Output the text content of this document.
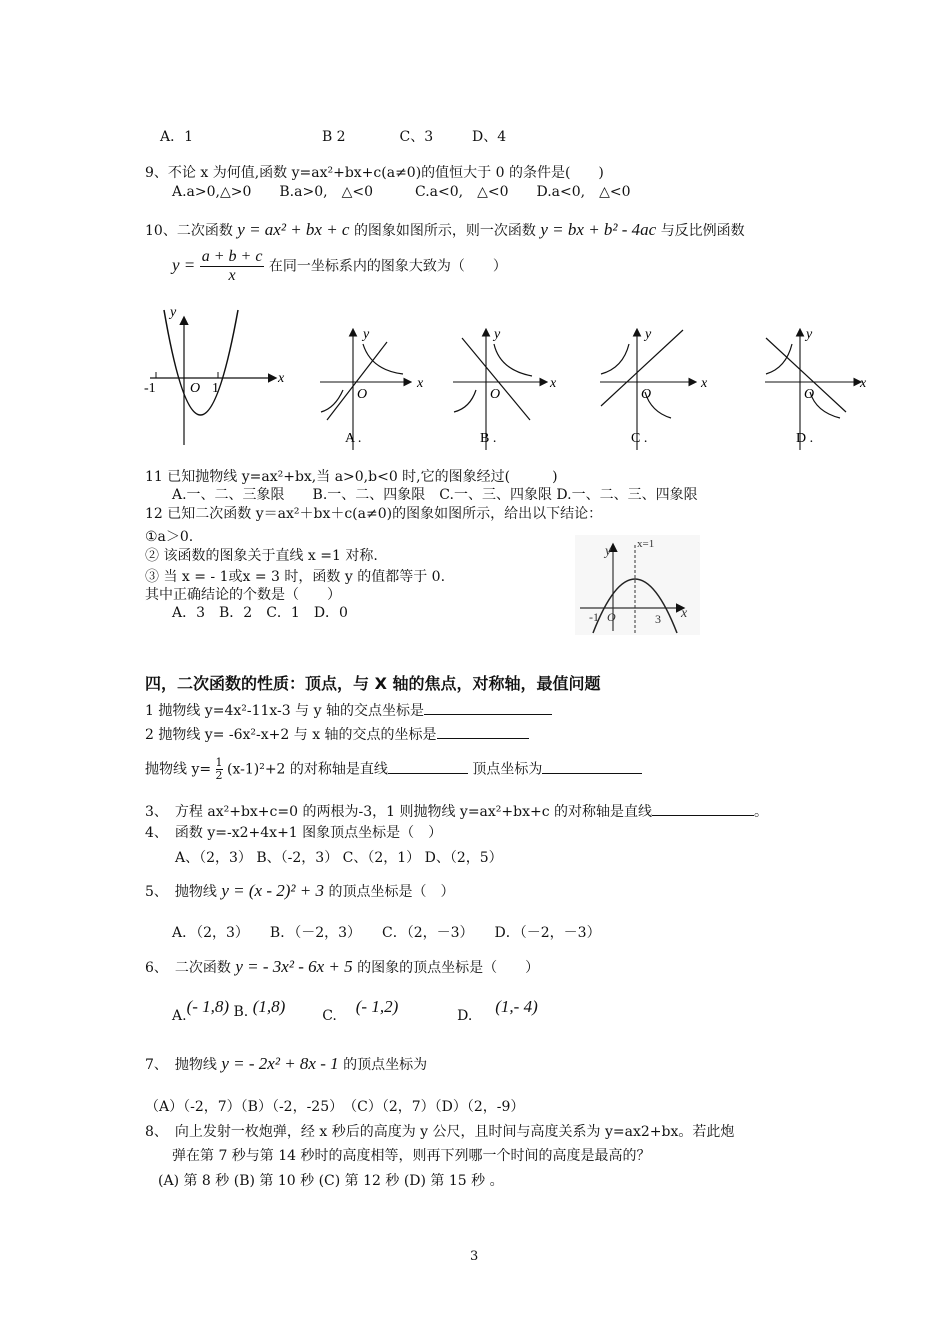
A．1	B 2	C、3	D、4
9、不论 x 为何值,函数 y=ax²+bx+c(a≠0)的值恒大于 0 的条件是(　　)
A.a>0,△>0　　B.a>0,　△<0　　　C.a<0,　△<0　　D.a<0,　△<0
10、二次函数 y = ax² + bx + c 的图象如图所示，则一次函数 y = bx + b² - 4ac 与反比例函数
$y = \frac{a + b + c}{x}$ 在同一坐标系内的图象大致为（　　）
y
x
O
-1	1
y
x
O
A .
y
x
O
B .
y
x
O
C .
y
x
O
D .
11 已知抛物线 y=ax²+bx,当 a>0,b<0 时,它的图象经过(　　　)
A.一、二、三象限　　B.一、二、四象限　C.一、三、四象限 D.一、二、三、四象限
12 已知二次函数 y＝ax²＋bx＋c(a≠0)的图象如图所示，给出以下结论：
①a＞0.
② 该函数的图象关于直线 x =1 对称.
③ 当 x = - 1或x = 3 时，函数 y 的值都等于 0.
其中正确结论的个数是（　　）
A．3　B．2　C．1　D．0
y x=1
-1 O	3 x
四，二次函数的性质：顶点，与 X 轴的焦点，对称轴，最值问题
1 抛物线 y=4x²-11x-3 与 y 轴的交点坐标是
2 抛物线 y= -6x²-x+2 与 x 轴的交点的坐标是
抛物线 $y= \frac{1}{2} (x-1)^2+2$ 的对称轴是直线	顶点坐标为
3、　方程 ax²+bx+c=0 的两根为-3，1 则抛物线 y=ax²+bx+c 的对称轴是直线	。
4、　函数 y=-x2+4x+1 图象顶点坐标是（　）
A、（2，3） B、（-2，3） C、（2，1） D、（2，5）
5、　抛物线 y = (x - 2)² + 3 的顶点坐标是（　）
A．（2，3）　　B．（－2，3）　　C．（2，－3）　　D．（－2，－3）
6、　二次函数 y = - 3x² - 6x + 5 的图象的顶点坐标是（　　）
A.(- 1,8) B. (1,8)	C. (- 1,2)	D. (1,- 4)
7、　抛物线 y = - 2x² + 8x - 1 的顶点坐标为
（A）（-2，7）（B）（-2，-25）　（C）（2，7）（D）（2，-9）
8、　向上发射一枚炮弹，经 x 秒后的高度为 y 公尺，且时间与高度关系为 y=ax2+bx。若此炮
弹在第 7 秒与第 14 秒时的高度相等，则再下列哪一个时间的高度是最高的？
(A) 第 8 秒 (B) 第 10 秒 (C) 第 12 秒 (D) 第 15 秒 。
3
